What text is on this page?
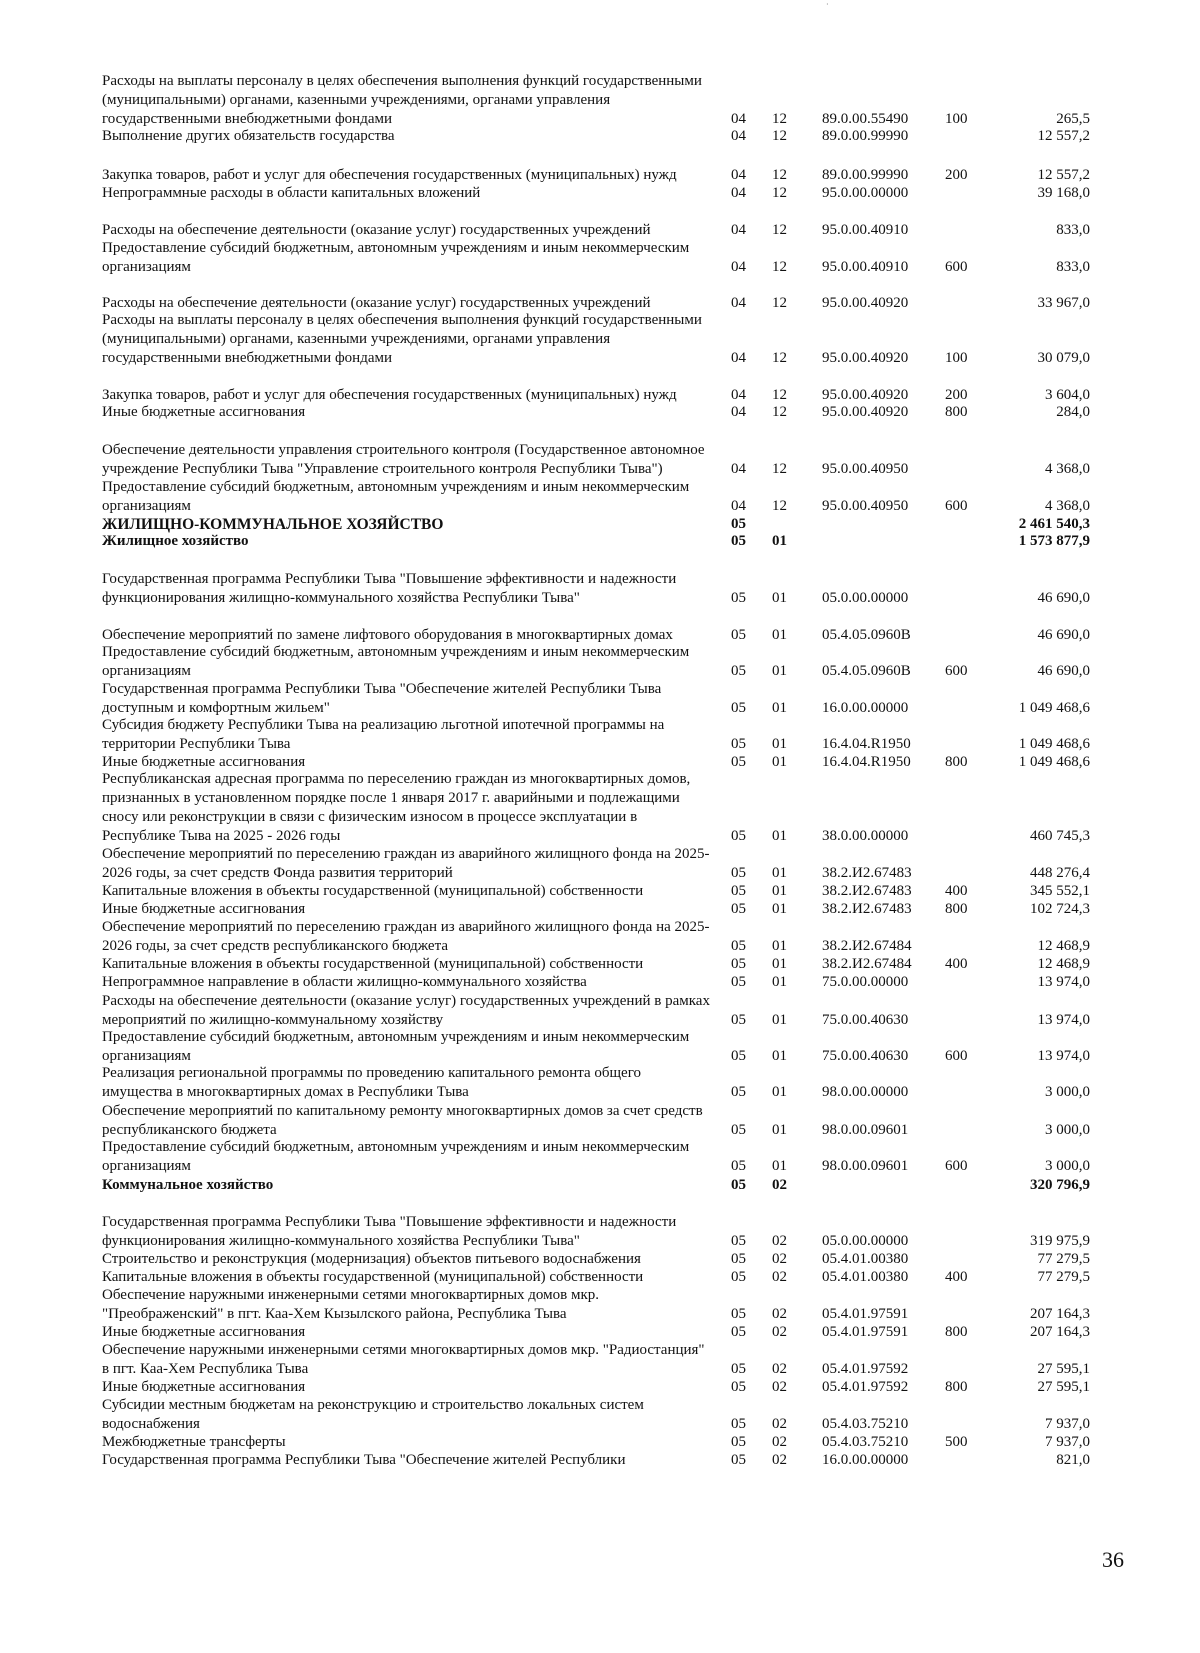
·
Расходы на выплаты персоналу в целях обеспечения выполнения функций государственными (муниципальными) органами, казенными учреждениями, органами управления государственными внебюджетными фондами	04 12 89.0.00.55490 100	265,5
Выполнение других обязательств государства	04 12 89.0.00.99990	12 557,2
Закупка товаров, работ и услуг для обеспечения государственных (муниципальных) нужд	04 12 89.0.00.99990 200	12 557,2
Непрограммные расходы в области капитальных вложений	04 12 95.0.00.00000	39 168,0
Расходы на обеспечение деятельности (оказание услуг) государственных учреждений	04 12 95.0.00.40910	833,0
Предоставление субсидий бюджетным, автономным учреждениям и иным некоммерческим организациям	04 12 95.0.00.40910 600	833,0
Расходы на обеспечение деятельности (оказание услуг) государственных учреждений	04 12 95.0.00.40920	33 967,0
Расходы на выплаты персоналу в целях обеспечения выполнения функций государственными (муниципальными) органами, казенными учреждениями, органами управления государственными внебюджетными фондами	04 12 95.0.00.40920 100	30 079,0
Закупка товаров, работ и услуг для обеспечения государственных (муниципальных) нужд	04 12 95.0.00.40920 200	3 604,0
Иные бюджетные ассигнования	04 12 95.0.00.40920 800	284,0
Обеспечение деятельности управления строительного контроля (Государственное автономное учреждение Республики Тыва "Управление строительного контроля Республики Тыва")	04 12 95.0.00.40950	4 368,0
Предоставление субсидий бюджетным, автономным учреждениям и иным некоммерческим организациям	04 12 95.0.00.40950 600	4 368,0
ЖИЛИЩНО-КОММУНАЛЬНОЕ ХОЗЯЙСТВО	05	2 461 540,3
Жилищное хозяйство	05 01	1 573 877,9
Государственная программа Республики Тыва "Повышение эффективности и надежности функционирования жилищно-коммунального хозяйства Республики Тыва"	05 01 05.0.00.00000	46 690,0
Обеспечение мероприятий по замене лифтового оборудования в многоквартирных домах	05 01 05.4.05.0960В	46 690,0
Предоставление субсидий бюджетным, автономным учреждениям и иным некоммерческим организациям	05 01 05.4.05.0960В 600	46 690,0
Государственная программа Республики Тыва "Обеспечение жителей Республики Тыва доступным и комфортным жильем"	05 01 16.0.00.00000	1 049 468,6
Субсидия бюджету Республики Тыва на реализацию льготной ипотечной программы на территории Республики Тыва	05 01 16.4.04.R1950	1 049 468,6
Иные бюджетные ассигнования	05 01 16.4.04.R1950 800	1 049 468,6
Республиканская адресная программа по переселению граждан из многоквартирных домов, признанных в установленном порядке после 1 января 2017 г. аварийными и подлежащими сносу или реконструкции в связи с физическим износом в процессе эксплуатации в Республике Тыва на 2025 - 2026 годы	05 01 38.0.00.00000	460 745,3
Обеспечение мероприятий по переселению граждан из аварийного жилищного фонда на 2025-2026 годы, за счет средств Фонда развития территорий	05 01 38.2.И2.67483	448 276,4
Капитальные вложения в объекты государственной (муниципальной) собственности	05 01 38.2.И2.67483 400	345 552,1
Иные бюджетные ассигнования	05 01 38.2.И2.67483 800	102 724,3
Обеспечение мероприятий по переселению граждан из аварийного жилищного фонда на 2025-2026 годы, за счет средств республиканского бюджета	05 01 38.2.И2.67484	12 468,9
Капитальные вложения в объекты государственной (муниципальной) собственности	05 01 38.2.И2.67484 400	12 468,9
Непрограммное направление в области жилищно-коммунального хозяйства	05 01 75.0.00.00000	13 974,0
Расходы на обеспечение деятельности (оказание услуг) государственных учреждений в рамках мероприятий по жилищно-коммунальному хозяйству	05 01 75.0.00.40630	13 974,0
Предоставление субсидий бюджетным, автономным учреждениям и иным некоммерческим организациям	05 01 75.0.00.40630 600	13 974,0
Реализация региональной программы по проведению капитального ремонта общего имущества в многоквартирных домах в Республики Тыва	05 01 98.0.00.00000	3 000,0
Обеспечение мероприятий по капитальному ремонту многоквартирных домов за счет средств республиканского бюджета	05 01 98.0.00.09601	3 000,0
Предоставление субсидий бюджетным, автономным учреждениям и иным некоммерческим организациям	05 01 98.0.00.09601 600	3 000,0
Коммунальное хозяйство	05 02	320 796,9
Государственная программа Республики Тыва "Повышение эффективности и надежности функционирования жилищно-коммунального хозяйства Республики Тыва"	05 02 05.0.00.00000	319 975,9
Строительство и реконструкция (модернизация) объектов питьевого водоснабжения	05 02 05.4.01.00380	77 279,5
Капитальные вложения в объекты государственной (муниципальной) собственности	05 02 05.4.01.00380 400	77 279,5
Обеспечение наружными инженерными сетями многоквартирных домов мкр. "Преображенский" в пгт. Каа-Хем Кызылского района, Республика Тыва	05 02 05.4.01.97591	207 164,3
Иные бюджетные ассигнования	05 02 05.4.01.97591 800	207 164,3
Обеспечение наружными инженерными сетями многоквартирных домов мкр. "Радиостанция" в пгт. Каа-Хем Республика Тыва	05 02 05.4.01.97592	27 595,1
Иные бюджетные ассигнования	05 02 05.4.01.97592 800	27 595,1
Субсидии местным бюджетам на реконструкцию и строительство локальных систем водоснабжения	05 02 05.4.03.75210	7 937,0
Межбюджетные трансферты	05 02 05.4.03.75210 500	7 937,0
Государственная программа Республики Тыва "Обеспечение жителей Республики	05 02 16.0.00.00000	821,0
36
